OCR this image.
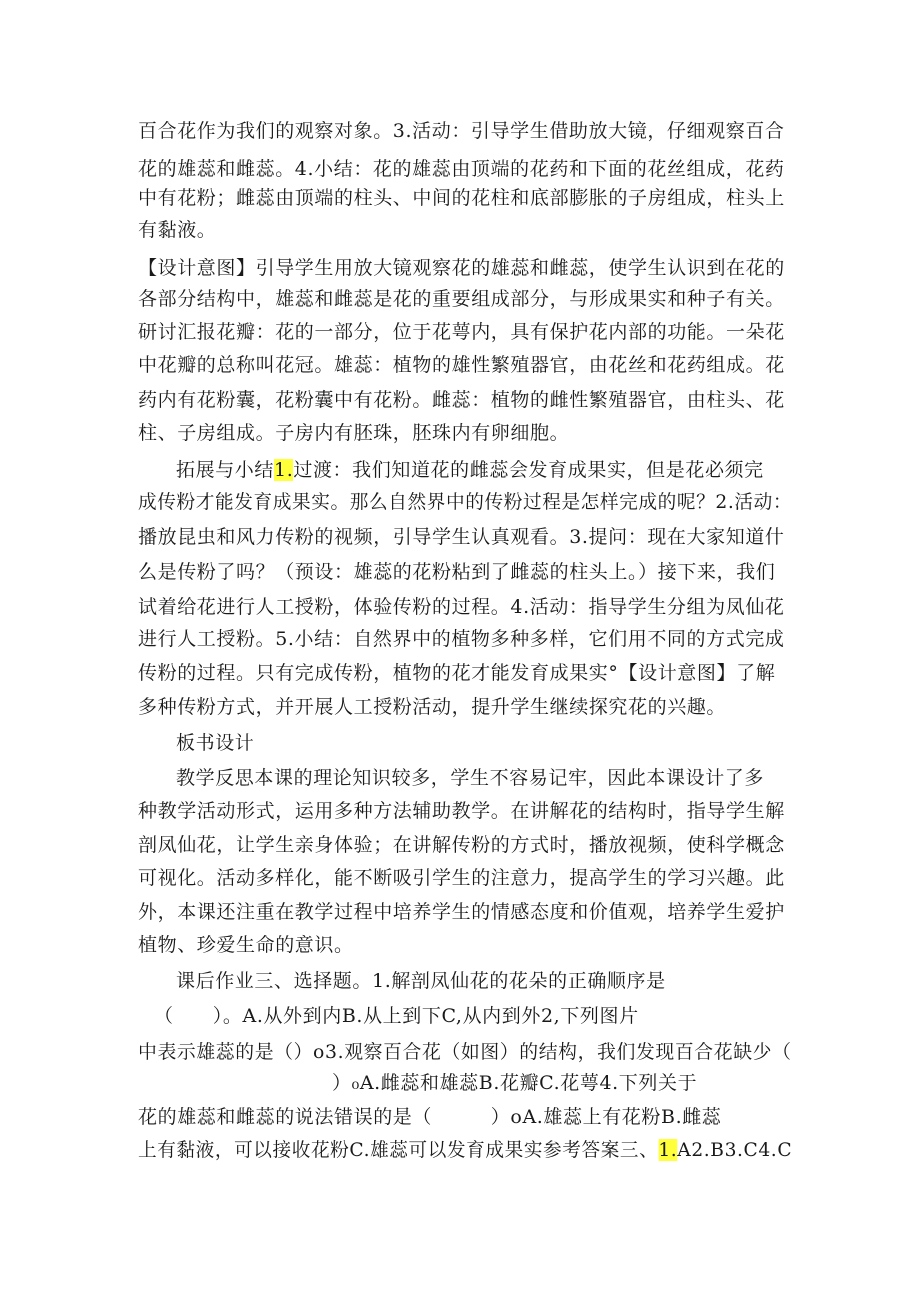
百合花作为我们的观察对象。3.活动：引导学生借助放大镜，仔细观察百合
花的雄蕊和雌蕊。4.小结：花的雄蕊由顶端的花药和下面的花丝组成，花药
中有花粉；雌蕊由顶端的柱头、中间的花柱和底部膨胀的子房组成，柱头上
有黏液。
【设计意图】引导学生用放大镜观察花的雄蕊和雌蕊，使学生认识到在花的
各部分结构中，雄蕊和雌蕊是花的重要组成部分，与形成果实和种子有关。
研讨汇报花瓣：花的一部分，位于花萼内，具有保护花内部的功能。一朵花
中花瓣的总称叫花冠。雄蕊：植物的雄性繁殖器官，由花丝和花药组成。花
药内有花粉囊，花粉囊中有花粉。雌蕊：植物的雌性繁殖器官，由柱头、花
柱、子房组成。子房内有胚珠，胚珠内有卵细胞。
拓展与小结1.过渡：我们知道花的雌蕊会发育成果实，但是花必须完
成传粉才能发育成果实。那么自然界中的传粉过程是怎样完成的呢？2.活动：
播放昆虫和风力传粉的视频，引导学生认真观看。3.提问：现在大家知道什
么是传粉了吗？（预设：雄蕊的花粉粘到了雌蕊的柱头上。）接下来，我们
试着给花进行人工授粉，体验传粉的过程。4.活动：指导学生分组为凤仙花
进行人工授粉。5.小结：自然界中的植物多种多样，它们用不同的方式完成
传粉的过程。只有完成传粉，植物的花才能发育成果实°【设计意图】了解
多种传粉方式，并开展人工授粉活动，提升学生继续探究花的兴趣。
板书设计
教学反思本课的理论知识较多，学生不容易记牢，因此本课设计了多
种教学活动形式，运用多种方法辅助教学。在讲解花的结构时，指导学生解
剖凤仙花，让学生亲身体验；在讲解传粉的方式时，播放视频，使科学概念
可视化。活动多样化，能不断吸引学生的注意力，提高学生的学习兴趣。此
外，本课还注重在教学过程中培养学生的情感态度和价值观，培养学生爱护
植物、珍爱生命的意识。
课后作业三、选择题。1.解剖凤仙花的花朵的正确顺序是
（　　）。A.从外到内B.从上到下C,从内到外2,下列图片
中表示雄蕊的是（）o3.观察百合花（如图）的结构，我们发现百合花缺少（
）₀A.雌蕊和雄蕊B.花瓣C.花萼4.下列关于
花的雄蕊和雌蕊的说法错误的是（　　　）oA.雄蕊上有花粉B.雌蕊
上有黏液，可以接收花粉C.雄蕊可以发育成果实参考答案三、1.A2.B3.C4.C
